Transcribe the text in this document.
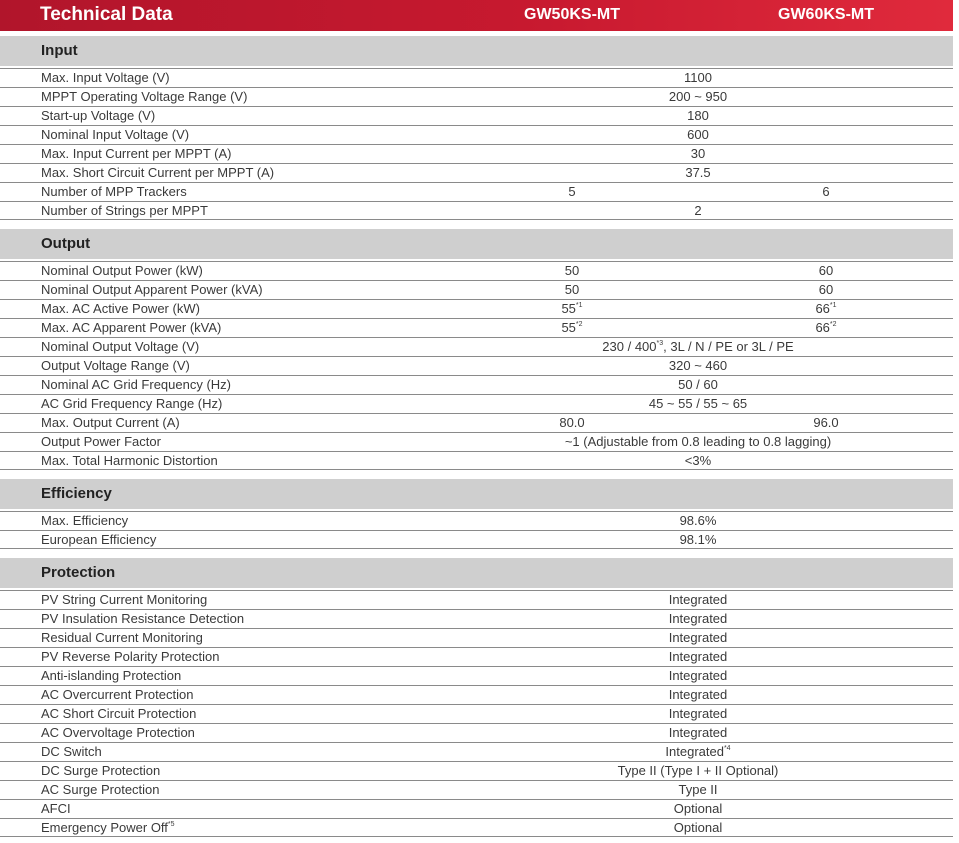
Technical Data	GW50KS-MT	GW60KS-MT
Input
Max. Input Voltage (V)	1100
MPPT Operating Voltage Range (V)	200 ~ 950
Start-up Voltage (V)	180
Nominal Input Voltage (V)	600
Max. Input Current per MPPT (A)	30
Max. Short Circuit Current per MPPT (A)	37.5
Number of MPP Trackers	5	6
Number of Strings per MPPT	2
Output
Nominal Output Power (kW)	50	60
Nominal Output Apparent Power (kVA)	50	60
Max. AC Active Power (kW)	55$^{*1}$	66$^{*1}$
Max. AC Apparent Power (kVA)	55$^{*2}$	66$^{*2}$
Nominal Output Voltage (V)	230 / 400$^{*3}$, 3L / N / PE or 3L / PE
Output Voltage Range (V)	320 ~ 460
Nominal AC Grid Frequency (Hz)	50 / 60
AC Grid Frequency Range (Hz)	45 ~ 55 / 55 ~ 65
Max. Output Current (A)	80.0	96.0
Output Power Factor	~1 (Adjustable from 0.8 leading to 0.8 lagging)
Max. Total Harmonic Distortion	<3%
Efficiency
Max. Efficiency	98.6%
European Efficiency	98.1%
Protection
PV String Current Monitoring	Integrated
PV Insulation Resistance Detection	Integrated
Residual Current Monitoring	Integrated
PV Reverse Polarity Protection	Integrated
Anti-islanding Protection	Integrated
AC Overcurrent Protection	Integrated
AC Short Circuit Protection	Integrated
AC Overvoltage Protection	Integrated
DC Switch	Integrated$^{*4}$
DC Surge Protection	Type II (Type I + II Optional)
AC Surge Protection	Type II
AFCI	Optional
Emergency Power Off$^{*5}$	Optional
